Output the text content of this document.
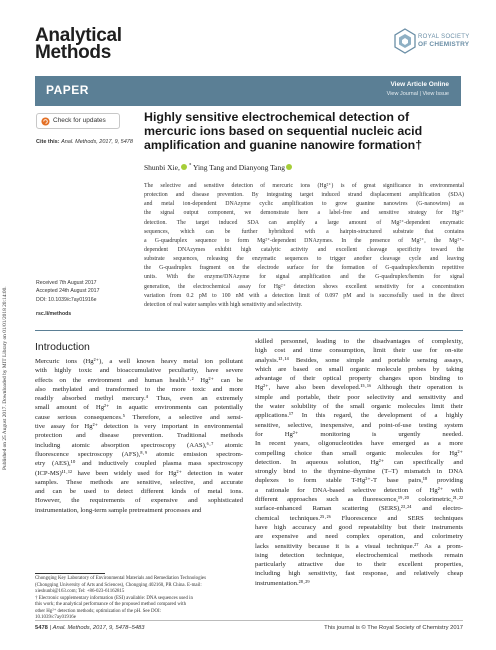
Published on 25 August 2017. Downloaded by MIT Library on 01/01/2018 20:14:00.
Analytical
Methods
ROYAL SOCIETY
OF CHEMISTRY
PAPER	View Article Online
View Journal | View Issue
Check for updates
Cite this: Anal. Methods, 2017, 9, 5478
Highly sensitive electrochemical detection of mercuric ions based on sequential nucleic acid amplification and guanine nanowire formation†
Shunbi Xie, * Ying Tang and Dianyong Tang
The selective and sensitive detection of mercuric ions (Hg²⁺) is of great significance in environmental
protection and disease prevention. By integrating target induced strand displacement amplification (SDA)
and metal ion-dependent DNAzyme cyclic amplification to grow guanine nanowires (G-nanowires) as
the signal output component, we demonstrate here a label-free and sensitive strategy for Hg²⁺
detection. The target induced SDA can amplify a large amount of Mg²⁺-dependent enzymatic
sequences, which can be further hybridized with a hairpin-structured substrate that contains
a G-quadruplex sequence to form Mg²⁺-dependent DNAzymes. In the presence of Mg²⁺, the Mg²⁺-
dependent DNAzymes exhibit high catalytic activity and excellent cleavage specificity toward the
substrate sequences, releasing the enzymatic sequences to trigger another cleavage cycle and leaving
the G-quadruplex fragment on the electrode surface for the formation of G-quadruplex/hemin repetitive
units. With the enzyme/DNAzyme for signal amplification and the G-quadruplex/hemin for signal
generation, the electrochemical assay for Hg²⁺ detection shows excellent sensitivity for a concentration
variation from 0.2 pM to 100 nM with a detection limit of 0.097 pM and is successfully used in the direct
detection of real water samples with high sensitivity and selectivity.
Received 7th August 2017
Accepted 24th August 2017
DOI: 10.1039/c7ay01916e
rsc.li/methods
Introduction
Mercuric ions (Hg²⁺), a well known heavy metal ion pollutant
with highly toxic and bioaccumulative peculiarity, have severe
effects on the environment and human health.¹·² Hg²⁺ can be
also methylated and transformed to the more toxic and more
readily absorbed methyl mercury.⁴ Thus, even an extremely
small amount of Hg²⁺ in aquatic environments can potentially
cause serious consequences.⁵ Therefore, a selective and sensi-
tive assay for Hg²⁺ detection is very important in environmental
protection and disease prevention. Traditional methods
including atomic absorption spectroscopy (AAS),⁶·⁷ atomic
fluorescence spectroscopy (AFS),⁸·⁹ atomic emission spectrom-
etry (AES),¹⁰ and inductively coupled plasma mass spectroscopy
(ICP-MS)¹¹·¹² have been widely used for Hg²⁺ detection in water
samples. These methods are sensitive, selective, and accurate
and can be used to detect different kinds of metal ions.
However, the requirements of expensive and sophisticated
instrumentation, long-term sample pretreatment processes and
skilled personnel, leading to the disadvantages of complexity,
high cost and time consumption, limit their use for on-site
analysis.¹³·¹⁴ Besides, some simple and portable sensing assays,
which are based on small organic molecule probes by taking
advantage of their optical property changes upon binding to
Hg²⁺, have also been developed.¹⁵·¹⁶ Although their operation is
simple and portable, their poor selectivity and sensitivity and
the water solubility of the small organic molecules limit their
applications.¹⁷ In this regard, the development of a highly
sensitive, selective, inexpensive, and point-of-use testing system
for Hg²⁺ monitoring is urgently needed.
In recent years, oligonucleotides have emerged as a more
compelling choice than small organic molecules for Hg²⁺
detection. In aqueous solution, Hg²⁺ can specifically and
strongly bind to the thymine–thymine (T–T) mismatch in DNA
duplexes to form stable T-Hg²⁺-T base pairs,¹⁸ providing
a rationale for DNA-based selective detection of Hg²⁺ with
different approaches such as fluorescence,¹⁹·²⁰ colorimetric,²¹·²²
surface-enhanced Raman scattering (SERS),²³·²⁴ and electro-
chemical techniques.²⁵·²⁶ Fluorescence and SERS techniques
have high accuracy and good repeatability but their instruments
are expensive and need complex operation, and colorimetry
lacks sensitivity because it is a visual technique.²⁷ As a prom-
ising detection technique, electrochemical methods remain
particularly attractive due to their excellent properties,
including high sensitivity, fast response, and relatively cheap
instrumentation.²⁸·²⁹
Chongqing Key Laboratory of Environmental Materials and Remediation Technologies
(Chongqing University of Arts and Sciences), Chongqing 402160, PR China. E-mail:
xieshunbi@163.com; Tel: +86-023-61162815
† Electronic supplementary information (ESI) available: DNA sequences used in
this work; the analytical performance of the proposed method compared with
other Hg²⁺ detection methods; optimization of the pH. See DOI:
10.1039/c7ay01916e
5478 | Anal. Methods, 2017, 9, 5478–5483	This journal is © The Royal Society of Chemistry 2017
